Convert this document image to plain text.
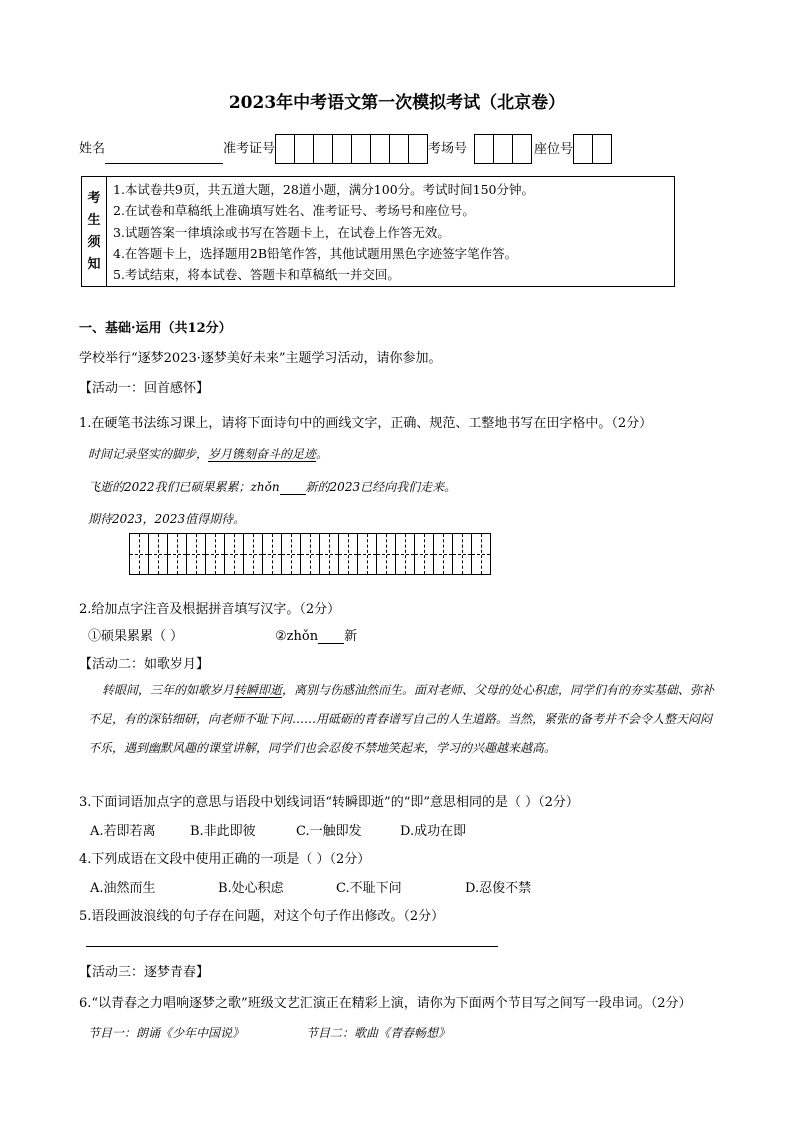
2023年中考语文第一次模拟考试（北京卷）
姓名	准考证号	考场号	座位号
考
生
须
知
1.本试卷共9页，共五道大题，28道小题，满分100分。考试时间150分钟。
2.在试卷和草稿纸上准确填写姓名、准考证号、考场号和座位号。
3.试题答案一律填涂或书写在答题卡上，在试卷上作答无效。
4.在答题卡上，选择题用2B铅笔作答，其他试题用黑色字迹签字笔作答。
5.考试结束，将本试卷、答题卡和草稿纸一并交回。
一、基础·运用（共12分）
学校举行“逐梦2023·逐梦美好未来”主题学习活动，请你参加。
【活动一：回首感怀】
1.在硬笔书法练习课上，请将下面诗句中的画线文字，正确、规范、工整地书写在田字格中。（2分）
时间记录坚实的脚步，岁月镌刻奋斗的足迹。
飞逝的2022我们已硕果累累；zhǒn 新的2023已经向我们走来。
期待2023，2023值得期待。
2.给加点字注音及根据拼音填写汉字。（2分）
①硕果累累（ ）	②zhǒn 新
【活动二：如歌岁月】
转眼间，三年的如歌岁月转瞬即逝，离别与伤感油然而生。面对老师、父母的处心积虑，同学们有的夯实基础、弥补不足，有的深钻细研，向老师不耻下问……用砥砺的青春谱写自己的人生道路。当然，紧张的备考并不会令人整天闷闷不乐，遇到幽默风趣的课堂讲解，同学们也会忍俊不禁地笑起来，学习的兴趣越来越高。
3.下面词语加点字的意思与语段中划线词语“转瞬即逝”的“即”意思相同的是（ ）（2分）
A.若即若离	B.非此即彼	C.一触即发	D.成功在即
4.下列成语在文段中使用正确的一项是（ ）（2分）
A.油然而生	B.处心积虑	C.不耻下问	D.忍俊不禁
5.语段画波浪线的句子存在问题，对这个句子作出修改。（2分）
【活动三：逐梦青春】
6.“以青春之力唱响逐梦之歌”班级文艺汇演正在精彩上演，请你为下面两个节目写之间写一段串词。（2分）
节目一：朗诵《少年中国说》	节目二：歌曲《青春畅想》
